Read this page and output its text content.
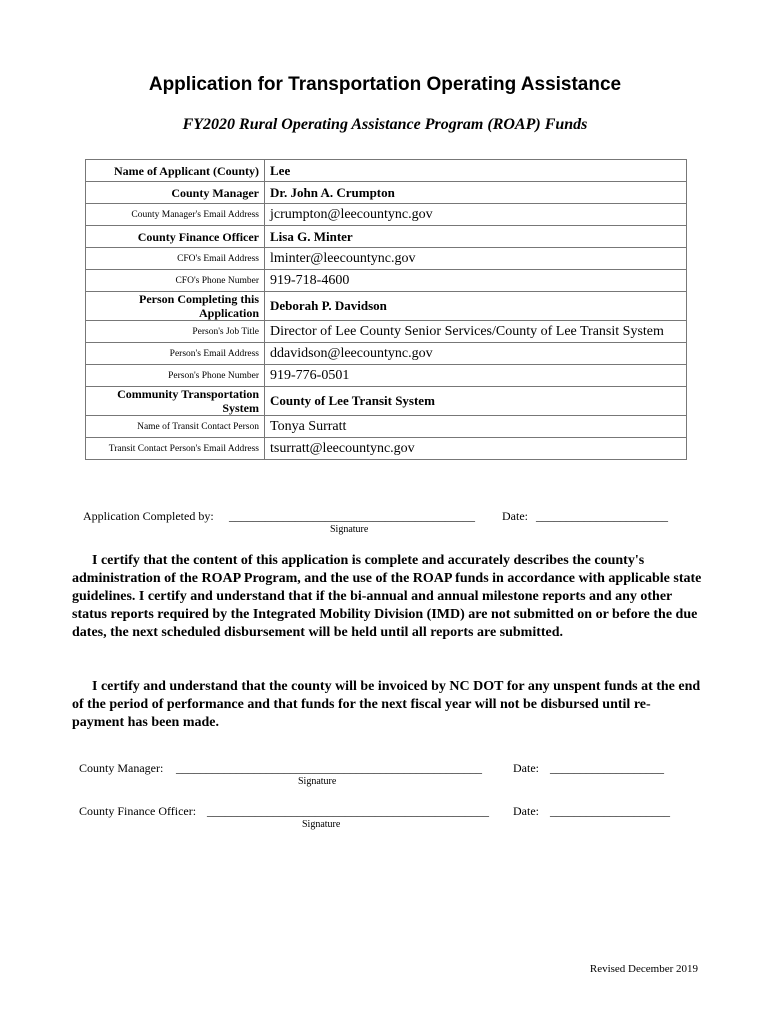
Application for Transportation Operating Assistance
FY2020 Rural Operating Assistance Program (ROAP) Funds
Name of Applicant (County)	Lee
County Manager	Dr. John A. Crumpton
County Manager's Email Address	jcrumpton@leecountync.gov
County Finance Officer	Lisa G. Minter
CFO's Email Address	lminter@leecountync.gov
CFO's Phone Number	919-718-4600
Person Completing this Application	Deborah P. Davidson
Person's Job Title	Director of Lee County Senior Services/County of Lee Transit System
Person's Email Address	ddavidson@leecountync.gov
Person's Phone Number	919-776-0501
Community Transportation System	County of Lee Transit System
Name of Transit Contact Person	Tonya Surratt
Transit Contact Person's Email Address	tsurratt@leecountync.gov
Application Completed by: _________________________________________
Signature
Date: ______________________
I certify that the content of this application is complete and accurately describes the county's administration of the ROAP Program, and the use of the ROAP funds in accordance with applicable state guidelines. I certify and understand that if the bi-annual and annual milestone reports and any other status reports required by the Integrated Mobility Division (IMD) are not submitted on or before the due dates, the next scheduled disbursement will be held until all reports are submitted.
I certify and understand that the county will be invoiced by NC DOT for any unspent funds at the end of the period of performance and that funds for the next fiscal year will not be disbursed until re-payment has been made.
County Manager: ___________________________________________________
Signature
Date: ___________________
County Finance Officer: _______________________________________________
Signature
Date: ____________________
Revised December 2019
